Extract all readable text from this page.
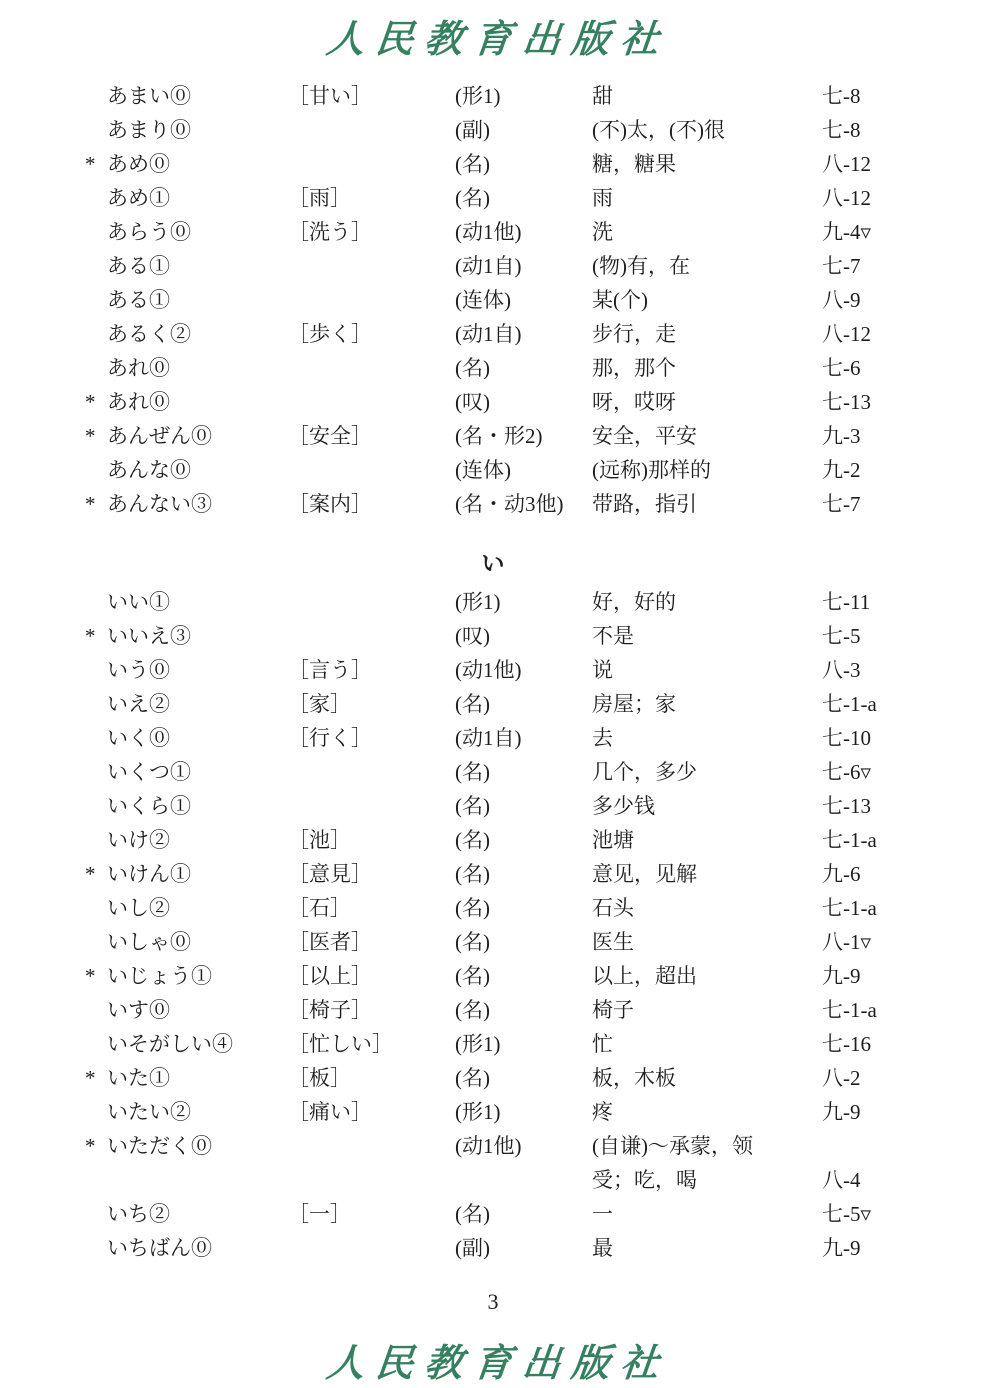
人民教育出版社
あまい⓪	［甘い］	(形1)	甜	七-8
あまり⓪	(副)	(不)太，(不)很	七-8
* あめ⓪	(名)	糖，糖果	八-12
あめ①	［雨］	(名)	雨	八-12
あらう⓪	［洗う］	(动1他)	洗	九-4▿
ある①	(动1自)	(物)有，在	七-7
ある①	(连体)	某(个)	八-9
あるく②	［歩く］	(动1自)	步行，走	八-12
あれ⓪	(名)	那，那个	七-6
* あれ⓪	(叹)	呀，哎呀	七-13
* あんぜん⓪	［安全］	(名・形2)	安全，平安	九-3
あんな⓪	(连体)	(远称)那样的	九-2
* あんない③	［案内］	(名・动3他)	带路，指引	七-7
い
いい①	(形1)	好，好的	七-11
* いいえ③	(叹)	不是	七-5
いう⓪	［言う］	(动1他)	说	八-3
いえ②	［家］	(名)	房屋；家	七-1-a
いく⓪	［行く］	(动1自)	去	七-10
いくつ①	(名)	几个，多少	七-6▿
いくら①	(名)	多少钱	七-13
いけ②	［池］	(名)	池塘	七-1-a
* いけん①	［意見］	(名)	意见，见解	九-6
いし②	［石］	(名)	石头	七-1-a
いしゃ⓪	［医者］	(名)	医生	八-1▿
* いじょう①	［以上］	(名)	以上，超出	九-9
いす⓪	［椅子］	(名)	椅子	七-1-a
いそがしい④	［忙しい］	(形1)	忙	七-16
* いた①	［板］	(名)	板，木板	八-2
いたい②	［痛い］	(形1)	疼	九-9
* いただく⓪	(动1他)	(自谦)～承蒙，领
受；吃，喝	八-4
いち②	［一］	(名)	一	七-5▿
いちばん⓪	(副)	最	九-9
3
人民教育出版社
